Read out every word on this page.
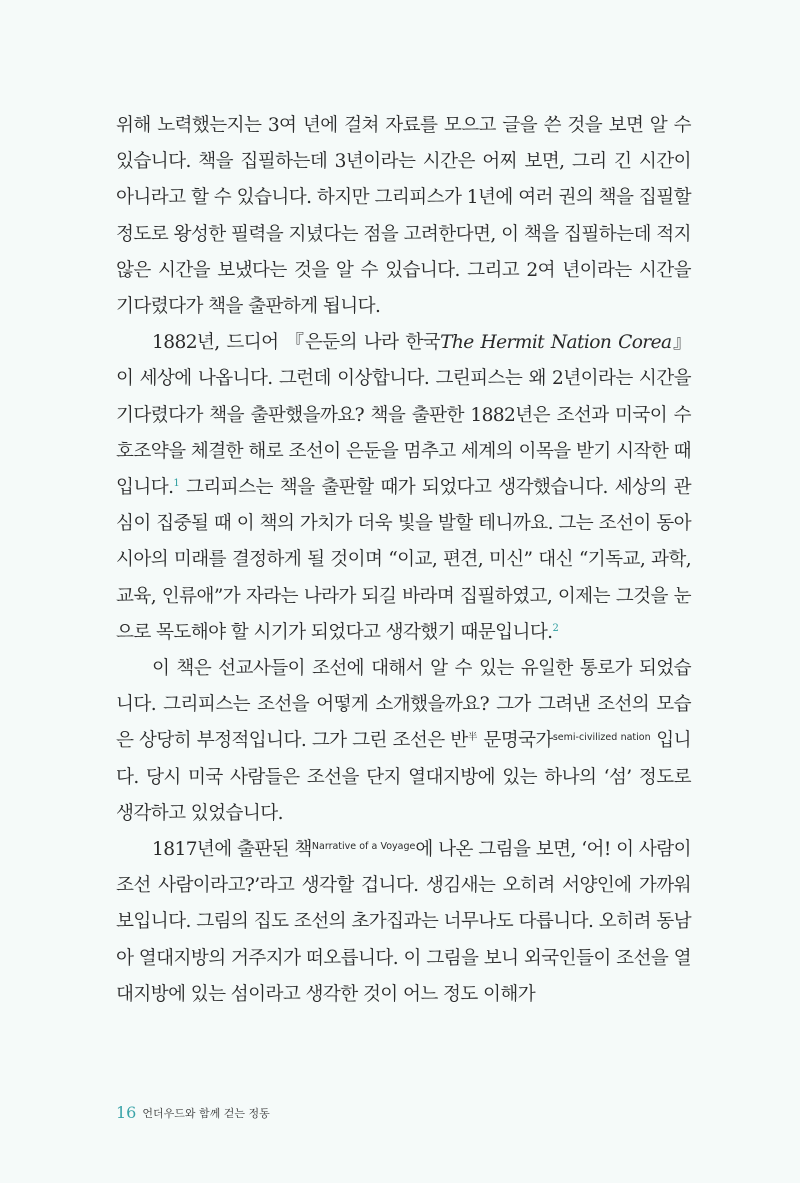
위해 노력했는지는 3여 년에 걸쳐 자료를 모으고 글을 쓴 것을 보면 알 수 있습니다. 책을 집필하는데 3년이라는 시간은 어찌 보면, 그리 긴 시간이 아니라고 할 수 있습니다. 하지만 그리피스가 1년에 여러 권의 책을 집필할 정도로 왕성한 필력을 지녔다는 점을 고려한다면, 이 책을 집필하는데 적지 않은 시간을 보냈다는 것을 알 수 있습니다. 그리고 2여 년이라는 시간을 기다렸다가 책을 출판하게 됩니다.

1882년, 드디어 『은둔의 나라 한국The Hermit Nation Corea』이 세상에 나옵니다. 그런데 이상합니다. 그린피스는 왜 2년이라는 시간을 기다렸다가 책을 출판했을까요? 책을 출판한 1882년은 조선과 미국이 수호조약을 체결한 해로 조선이 은둔을 멈추고 세계의 이목을 받기 시작한 때입니다.$^1$ 그리피스는 책을 출판할 때가 되었다고 생각했습니다. 세상의 관심이 집중될 때 이 책의 가치가 더욱 빛을 발할 테니까요. 그는 조선이 동아시아의 미래를 결정하게 될 것이며 “이교, 편견, 미신” 대신 “기독교, 과학, 교육, 인류애”가 자라는 나라가 되길 바라며 집필하였고, 이제는 그것을 눈으로 목도해야 할 시기가 되었다고 생각했기 때문입니다.$^2$

이 책은 선교사들이 조선에 대해서 알 수 있는 유일한 통로가 되었습니다. 그리피스는 조선을 어떻게 소개했을까요? 그가 그려낸 조선의 모습은 상당히 부정적입니다. 그가 그린 조선은 반$^半$ 문명국가$^{semi-civilized nation}$ 입니다. 당시 미국 사람들은 조선을 단지 열대지방에 있는 하나의 ‘섬’ 정도로 생각하고 있었습니다.

1817년에 출판된 책$^{Narrative of a Voyage}$에 나온 그림을 보면, ‘어! 이 사람이 조선 사람이라고?’라고 생각할 겁니다. 생김새는 오히려 서양인에 가까워 보입니다. 그림의 집도 조선의 초가집과는 너무나도 다릅니다. 오히려 동남아 열대지방의 거주지가 떠오릅니다. 이 그림을 보니 외국인들이 조선을 열대지방에 있는 섬이라고 생각한 것이 어느 정도 이해가

16 언더우드와 함께 걷는 정동
